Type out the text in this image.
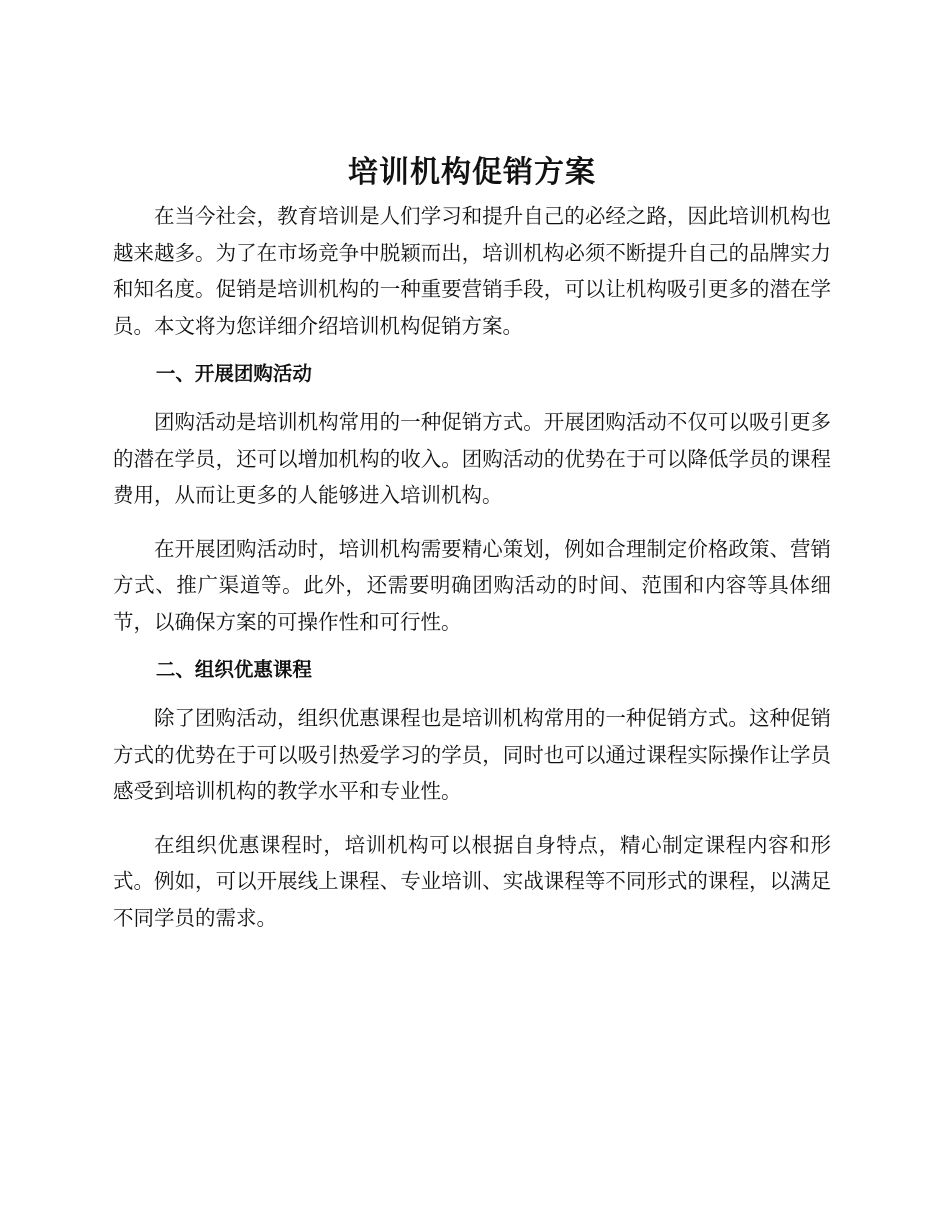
培训机构促销方案

在当今社会，教育培训是人们学习和提升自己的必经之路，因此培训机构也越来越多。为了在市场竞争中脱颖而出，培训机构必须不断提升自己的品牌实力和知名度。促销是培训机构的一种重要营销手段，可以让机构吸引更多的潜在学员。本文将为您详细介绍培训机构促销方案。

一、开展团购活动

团购活动是培训机构常用的一种促销方式。开展团购活动不仅可以吸引更多的潜在学员，还可以增加机构的收入。团购活动的优势在于可以降低学员的课程费用，从而让更多的人能够进入培训机构。

在开展团购活动时，培训机构需要精心策划，例如合理制定价格政策、营销方式、推广渠道等。此外，还需要明确团购活动的时间、范围和内容等具体细节，以确保方案的可操作性和可行性。

二、组织优惠课程

除了团购活动，组织优惠课程也是培训机构常用的一种促销方式。这种促销方式的优势在于可以吸引热爱学习的学员，同时也可以通过课程实际操作让学员感受到培训机构的教学水平和专业性。

在组织优惠课程时，培训机构可以根据自身特点，精心制定课程内容和形式。例如，可以开展线上课程、专业培训、实战课程等不同形式的课程，以满足不同学员的需求。
